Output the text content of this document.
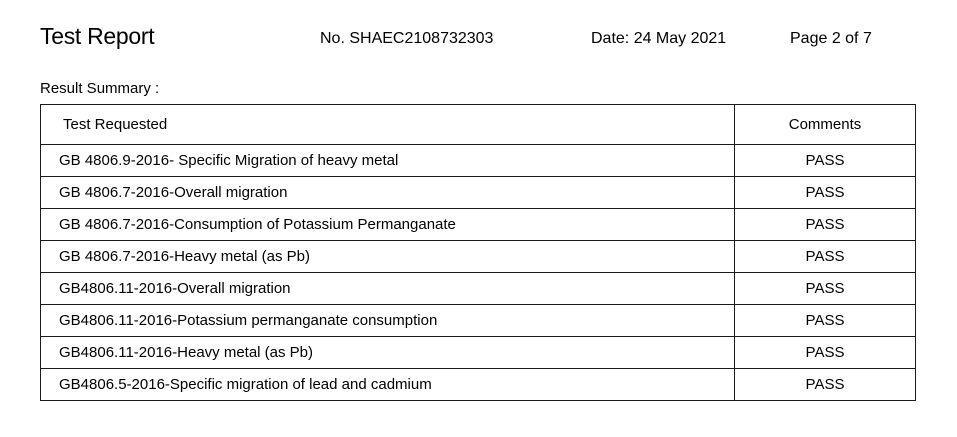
Test Report	No. SHAEC2108732303	Date: 24 May 2021	Page 2 of 7
Result Summary :
Test Requested	Comments
GB 4806.9-2016- Specific Migration of heavy metal	PASS
GB 4806.7-2016-Overall migration	PASS
GB 4806.7-2016-Consumption of Potassium Permanganate	PASS
GB 4806.7-2016-Heavy metal (as Pb)	PASS
GB4806.11-2016-Overall migration	PASS
GB4806.11-2016-Potassium permanganate consumption	PASS
GB4806.11-2016-Heavy metal (as Pb)	PASS
GB4806.5-2016-Specific migration of lead and cadmium	PASS
